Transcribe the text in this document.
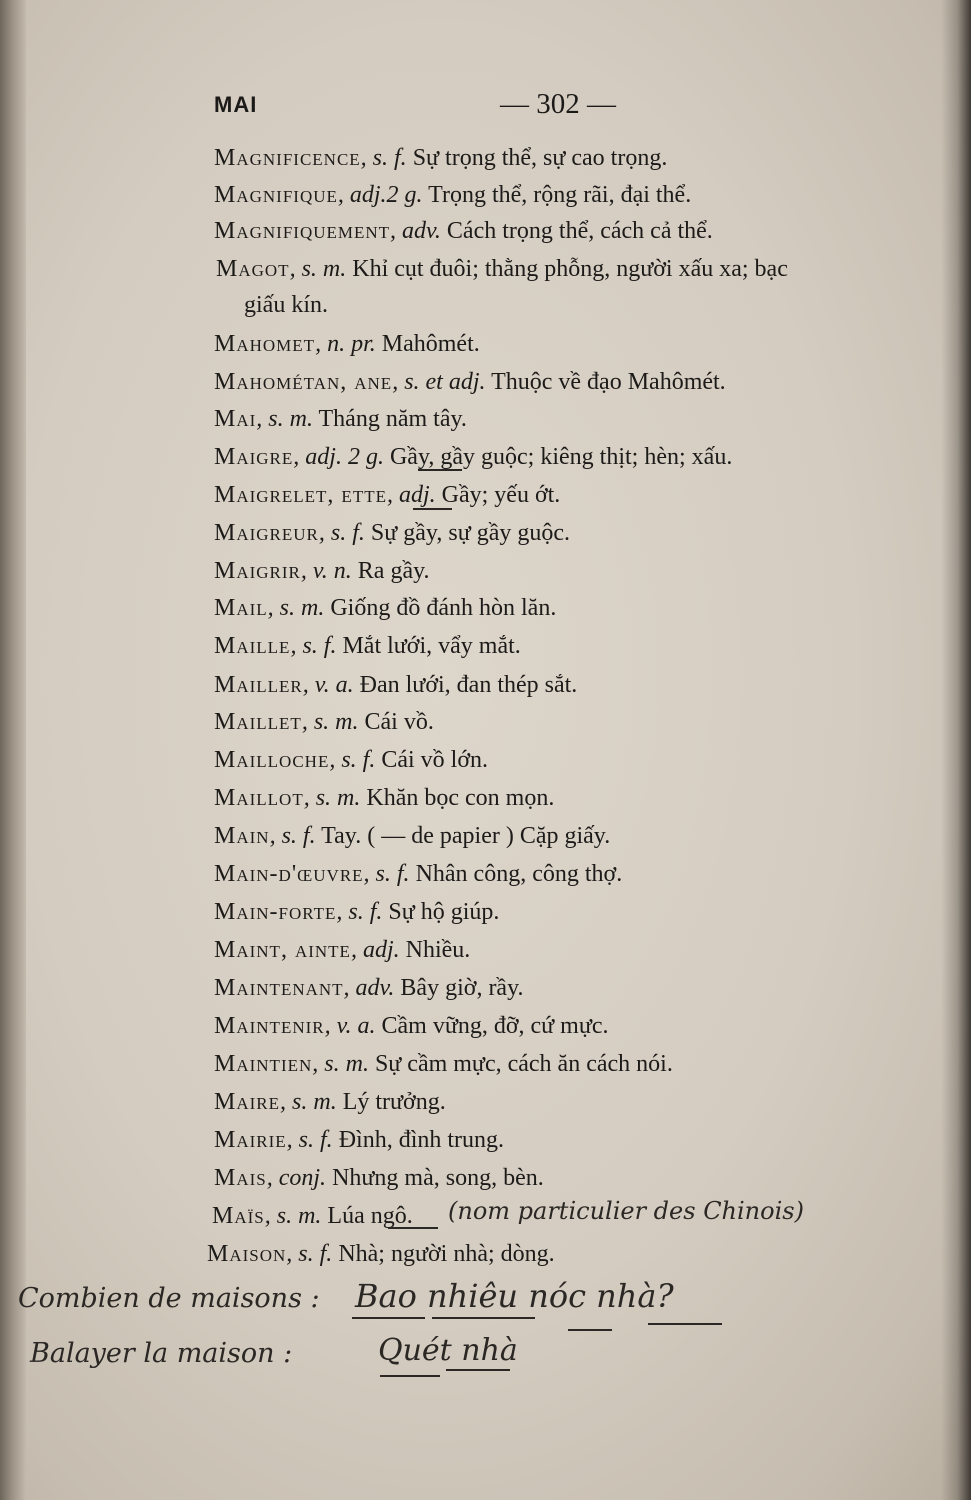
MAI	— 302 —
Magnificence, s. f. Sự trọng thể, sự cao trọng.
Magnifique, adj.2 g. Trọng thể, rộng rãi, đại thể.
Magnifiquement, adv. Cách trọng thể, cách cả thể.
Magot, s. m. Khỉ cụt đuôi; thằng phỗng, người xấu xa; bạc
giấu kín.
Mahomet, n. pr. Mahômét.
Mahométan, ane, s. et adj. Thuộc về đạo Mahômét.
Mai, s. m. Tháng năm tây.
Maigre, adj. 2 g. Gầy, gầy guộc; kiêng thịt; hèn; xấu.
Maigrelet, ette, adj. Gầy; yếu ớt.
Maigreur, s. f. Sự gầy, sự gầy guộc.
Maigrir, v. n. Ra gầy.
Mail, s. m. Giống đồ đánh hòn lăn.
Maille, s. f. Mắt lưới, vẩy mắt.
Mailler, v. a. Đan lưới, đan thép sắt.
Maillet, s. m. Cái vồ.
Mailloche, s. f. Cái vồ lớn.
Maillot, s. m. Khăn bọc con mọn.
Main, s. f. Tay. ( — de papier ) Cặp giấy.
Main-d'œuvre, s. f. Nhân công, công thợ.
Main-forte, s. f. Sự hộ giúp.
Maint, ainte, adj. Nhiều.
Maintenant, adv. Bây giờ, rầy.
Maintenir, v. a. Cầm vững, đỡ, cứ mực.
Maintien, s. m. Sự cầm mực, cách ăn cách nói.
Maire, s. m. Lý trưởng.
Mairie, s. f. Đình, đình trung.
Mais, conj. Nhưng mà, song, bèn.
Maïs, s. m. Lúa ngô.
Maison, s. f. Nhà; người nhà; dòng.
(nom particulier des Chinois)
Combien de maisons : Bao nhiêu nóc nhà?
Balayer la maison :	Quét nhà
